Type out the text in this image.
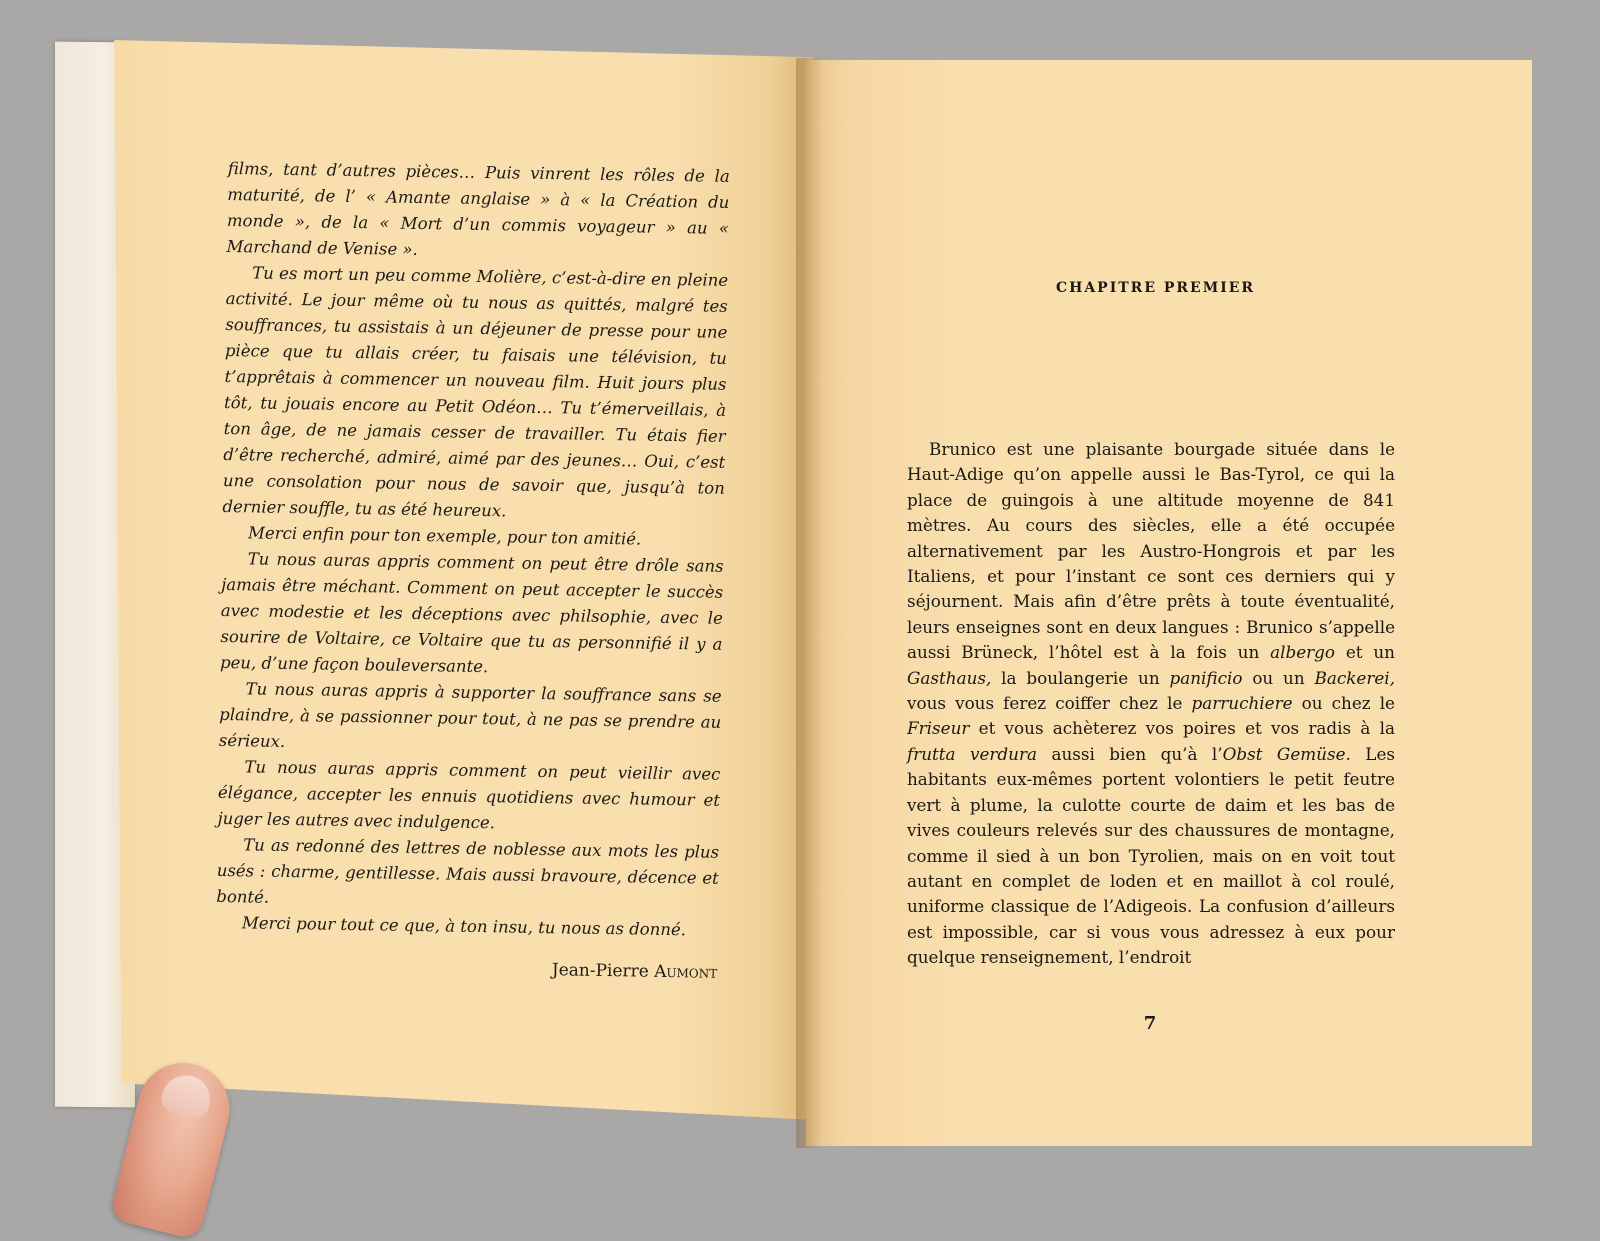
films, tant d’autres pièces… Puis vinrent les rôles de la maturité, de l’ « Amante anglaise » à « la Création du monde », de la « Mort d’un commis voyageur » au « Marchand de Venise ».

Tu es mort un peu comme Molière, c’est-à-dire en pleine activité. Le jour même où tu nous as quittés, malgré tes souffrances, tu assistais à un déjeuner de presse pour une pièce que tu allais créer, tu faisais une télévision, tu t’apprêtais à commencer un nouveau film. Huit jours plus tôt, tu jouais encore au Petit Odéon… Tu t’émerveillais, à ton âge, de ne jamais cesser de travailler. Tu étais fier d’être recherché, admiré, aimé par des jeunes… Oui, c’est une consolation pour nous de savoir que, jusqu’à ton dernier souffle, tu as été heureux.

Merci enfin pour ton exemple, pour ton amitié.

Tu nous auras appris comment on peut être drôle sans jamais être méchant. Comment on peut accepter le succès avec modestie et les déceptions avec philsophie, avec le sourire de Voltaire, ce Voltaire que tu as personnifié il y a peu, d’une façon bouleversante.

Tu nous auras appris à supporter la souffrance sans se plaindre, à se passionner pour tout, à ne pas se prendre au sérieux.

Tu nous auras appris comment on peut vieillir avec élégance, accepter les ennuis quotidiens avec humour et juger les autres avec indulgence.

Tu as redonné des lettres de noblesse aux mots les plus usés : charme, gentillesse. Mais aussi bravoure, décence et bonté.

Merci pour tout ce que, à ton insu, tu nous as donné.

Jean-Pierre Aumont

CHAPITRE PREMIER

Brunico est une plaisante bourgade située dans le Haut-Adige qu’on appelle aussi le Bas-Tyrol, ce qui la place de guingois à une altitude moyenne de 841 mètres. Au cours des siècles, elle a été occupée alternativement par les Austro-Hongrois et par les Italiens, et pour l’instant ce sont ces derniers qui y séjournent. Mais afin d’être prêts à toute éventualité, leurs enseignes sont en deux langues : Brunico s’appelle aussi Brüneck, l’hôtel est à la fois un albergo et un Gasthaus, la boulangerie un panificio ou un Backerei, vous vous ferez coiffer chez le parruchiere ou chez le Friseur et vous achèterez vos poires et vos radis à la frutta verdura aussi bien qu’à l’Obst Gemüse. Les habitants eux-mêmes portent volontiers le petit feutre vert à plume, la culotte courte de daim et les bas de vives couleurs relevés sur des chaussures de montagne, comme il sied à un bon Tyrolien, mais on en voit tout autant en complet de loden et en maillot à col roulé, uniforme classique de l’Adigeois. La confusion d’ailleurs est impossible, car si vous vous adressez à eux pour quelque renseignement, l’endroit

7
